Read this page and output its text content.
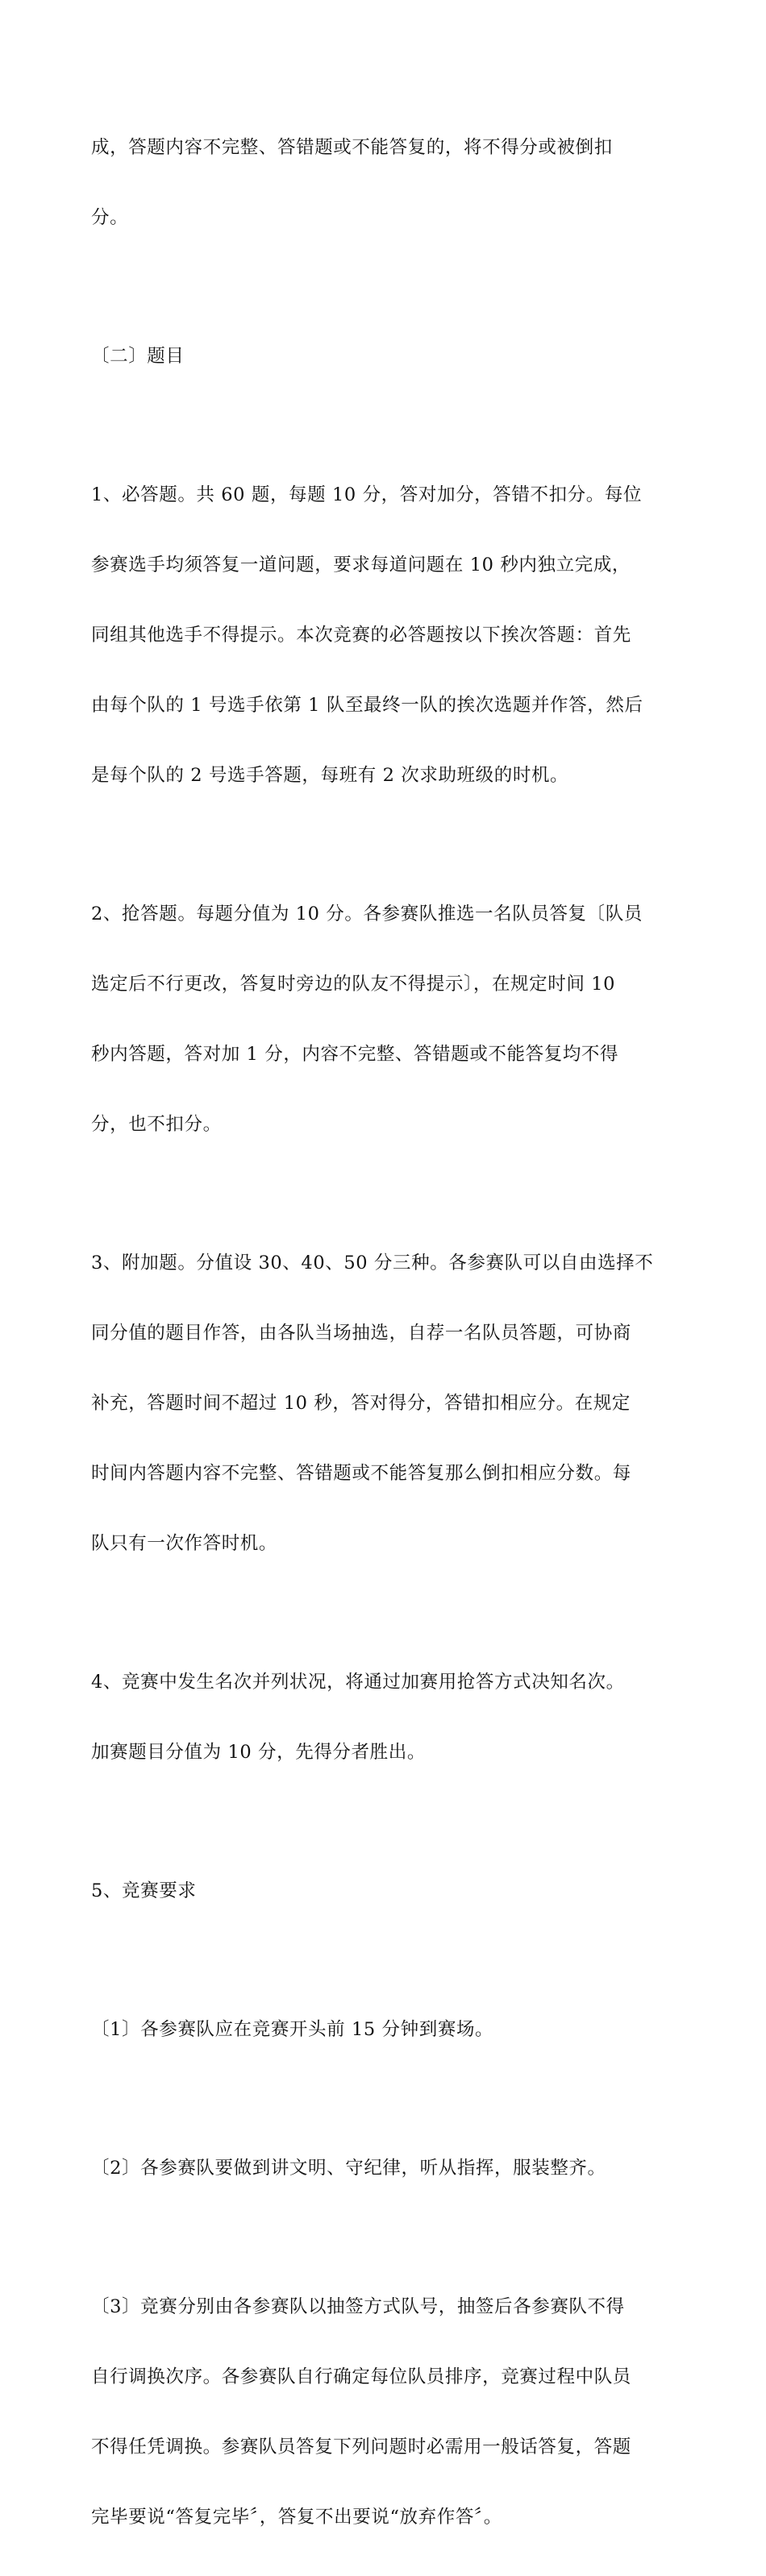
成，答题内容不完整、答错题或不能答复的，将不得分或被倒扣

分。

〔二〕题目

1、必答题。共 60 题，每题 10 分，答对加分，答错不扣分。每位

参赛选手均须答复一道问题，要求每道问题在 10 秒内独立完成，

同组其他选手不得提示。本次竞赛的必答题按以下挨次答题：首先

由每个队的 1 号选手依第 1 队至最终一队的挨次选题并作答，然后

是每个队的 2 号选手答题，每班有 2 次求助班级的时机。

2、抢答题。每题分值为 10 分。各参赛队推选一名队员答复〔队员

选定后不行更改，答复时旁边的队友不得提示〕，在规定时间 10

秒内答题，答对加 1 分，内容不完整、答错题或不能答复均不得

分，也不扣分。

3、附加题。分值设 30、40、50 分三种。各参赛队可以自由选择不

同分值的题目作答，由各队当场抽选，自荐一名队员答题，可协商

补充，答题时间不超过 10 秒，答对得分，答错扣相应分。在规定

时间内答题内容不完整、答错题或不能答复那么倒扣相应分数。每

队只有一次作答时机。

4、竞赛中发生名次并列状况，将通过加赛用抢答方式决知名次。

加赛题目分值为 10 分，先得分者胜出。

5、竞赛要求

〔1〕各参赛队应在竞赛开头前 15 分钟到赛场。

〔2〕各参赛队要做到讲文明、守纪律，听从指挥，服装整齐。

〔3〕竞赛分别由各参赛队以抽签方式队号，抽签后各参赛队不得

自行调换次序。各参赛队自行确定每位队员排序，竞赛过程中队员

不得任凭调换。参赛队员答复下列问题时必需用一般话答复，答题

完毕要说“答复完毕〞，答复不出要说“放弃作答〞。
